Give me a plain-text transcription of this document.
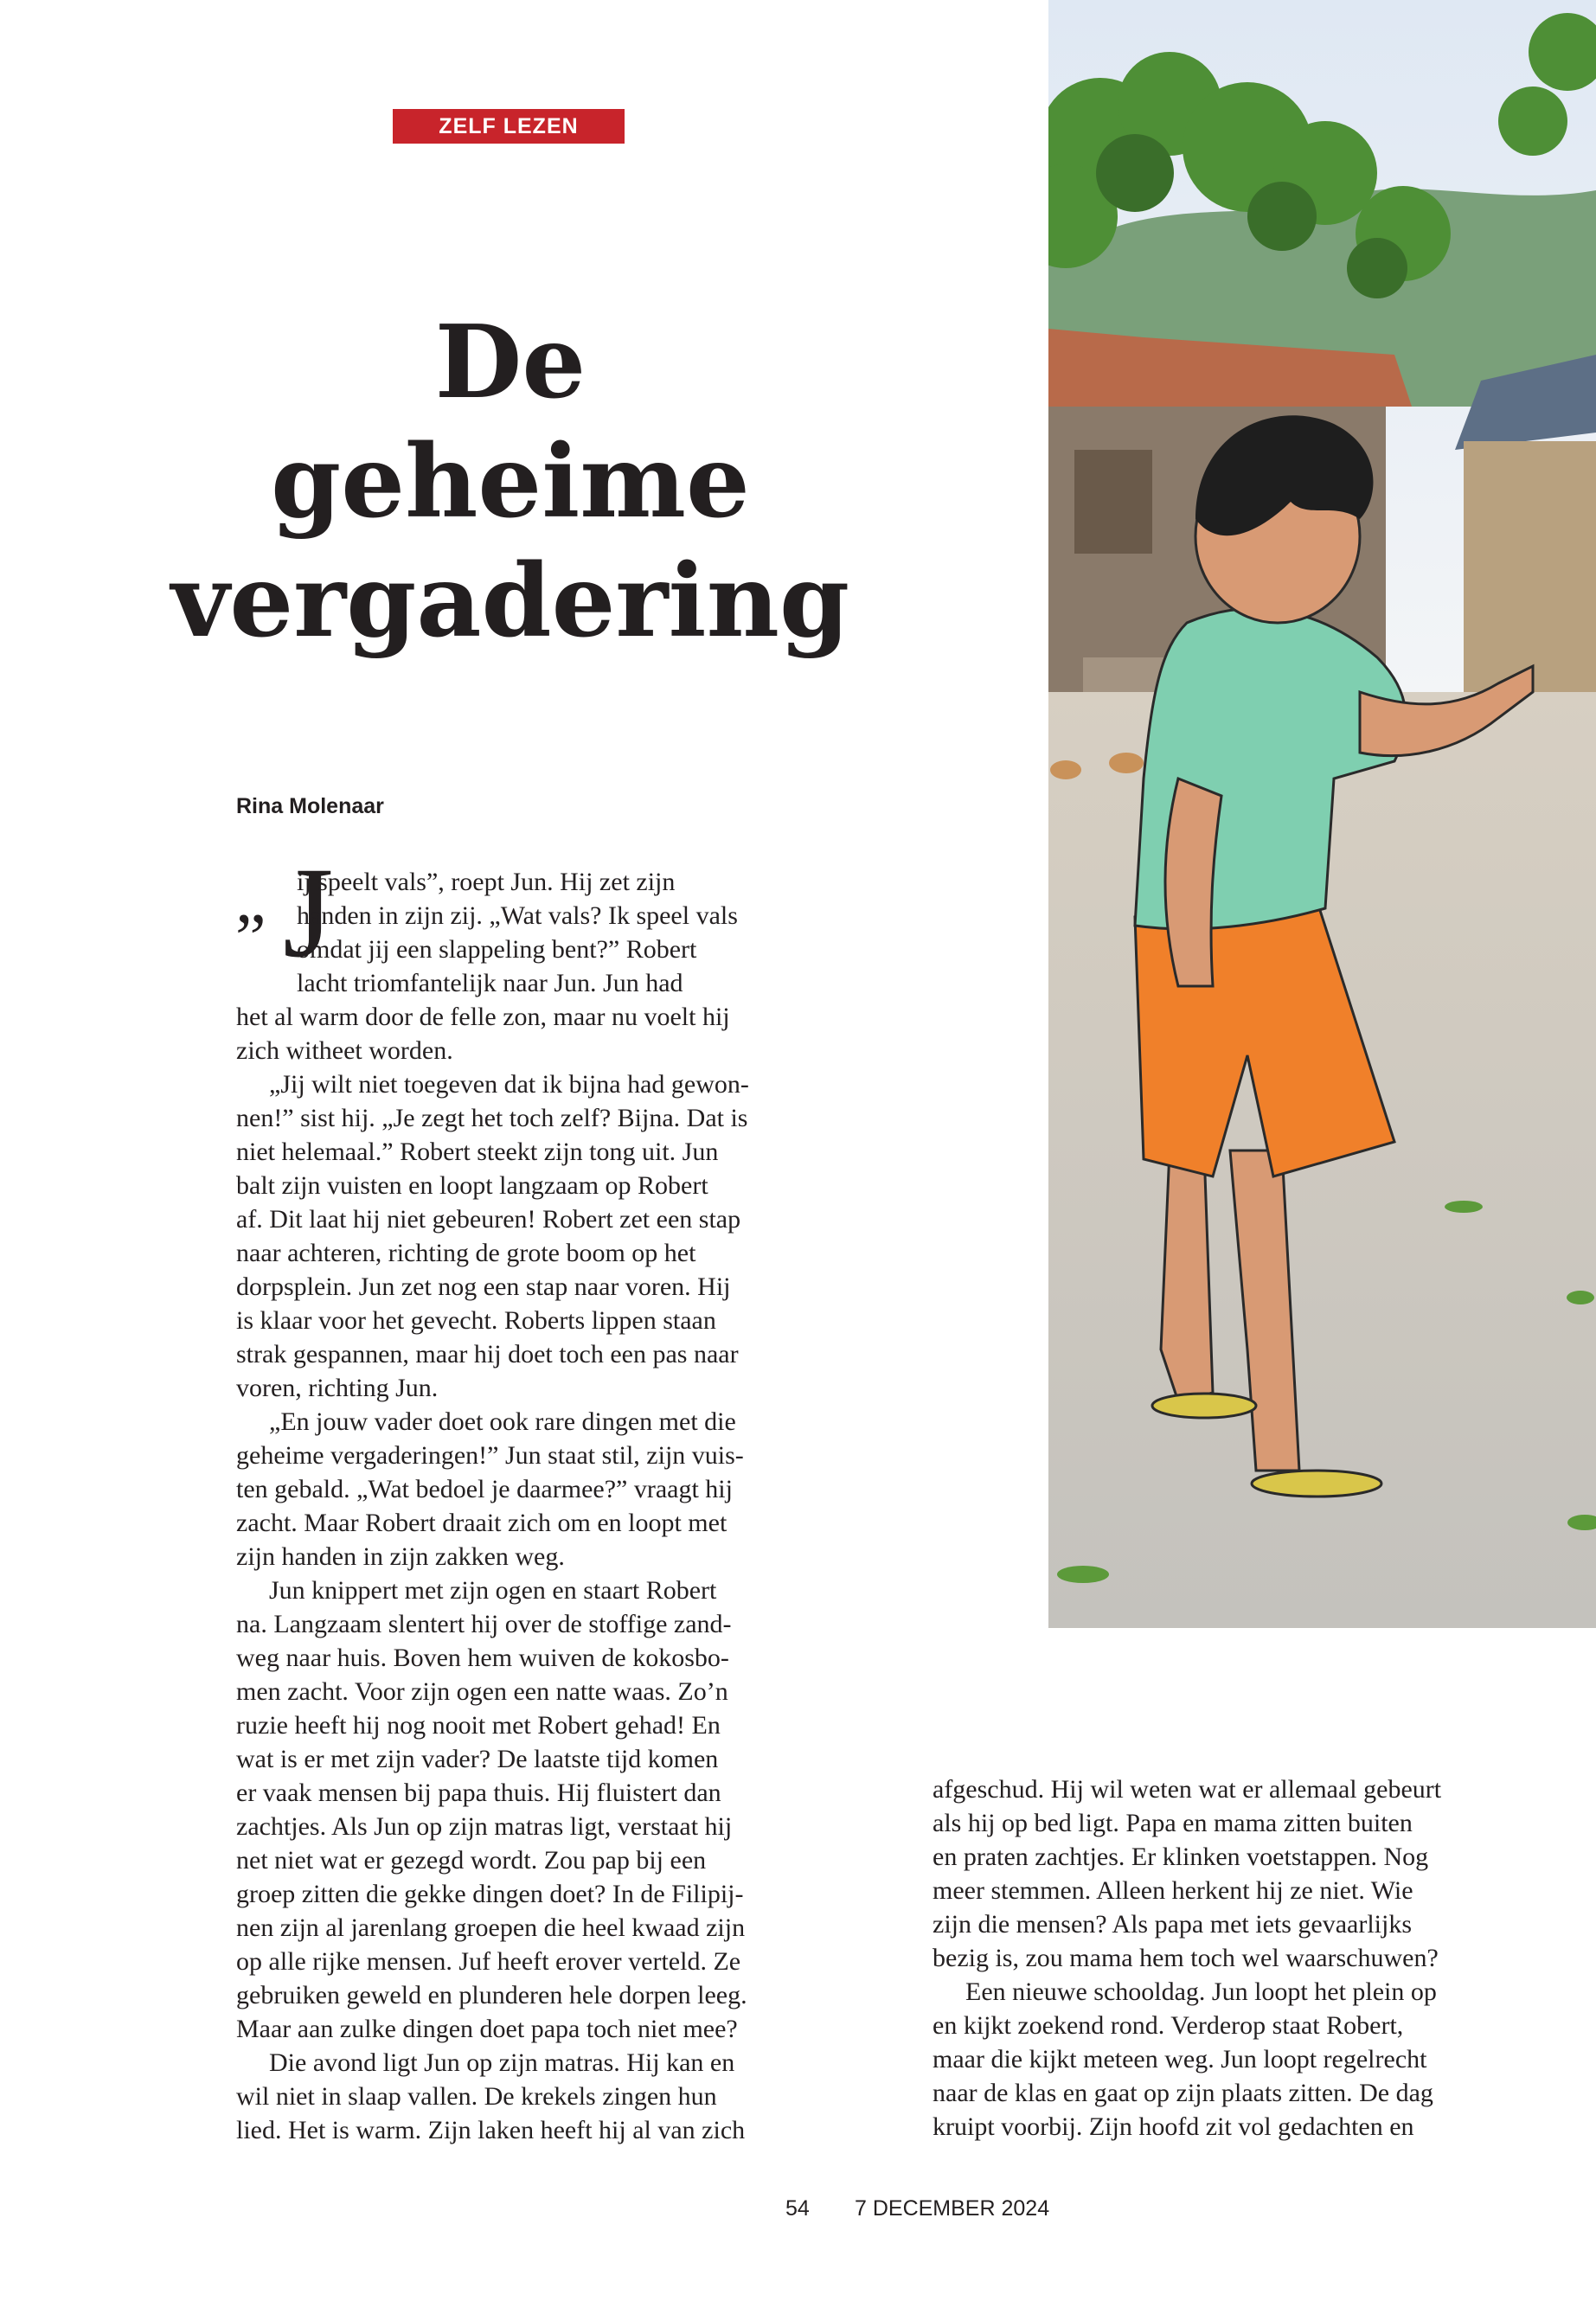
ZELF LEZEN
De
geheime
vergadering
Rina Molenaar
„ J
ij speelt vals”, roept Jun. Hij zet zijn
handen in zijn zij. „Wat vals? Ik speel vals
omdat jij een slappeling bent?” Robert
lacht triomfantelijk naar Jun. Jun had
het al warm door de felle zon, maar nu voelt hij
zich witheet worden.
„Jij wilt niet toegeven dat ik bijna had gewon-
nen!” sist hij. „Je zegt het toch zelf? Bijna. Dat is
niet helemaal.” Robert steekt zijn tong uit. Jun
balt zijn vuisten en loopt langzaam op Robert
af. Dit laat hij niet gebeuren! Robert zet een stap
naar achteren, richting de grote boom op het
dorpsplein. Jun zet nog een stap naar voren. Hij
is klaar voor het gevecht. Roberts lippen staan
strak gespannen, maar hij doet toch een pas naar
voren, richting Jun.
„En jouw vader doet ook rare dingen met die
geheime vergaderingen!” Jun staat stil, zijn vuis-
ten gebald. „Wat bedoel je daarmee?” vraagt hij
zacht. Maar Robert draait zich om en loopt met
zijn handen in zijn zakken weg.
Jun knippert met zijn ogen en staart Robert
na. Langzaam slentert hij over de stoffige zand-
weg naar huis. Boven hem wuiven de kokosbo-
men zacht. Voor zijn ogen een natte waas. Zo’n
ruzie heeft hij nog nooit met Robert gehad! En
wat is er met zijn vader? De laatste tijd komen
er vaak mensen bij papa thuis. Hij fluistert dan
zachtjes. Als Jun op zijn matras ligt, verstaat hij
net niet wat er gezegd wordt. Zou pap bij een
groep zitten die gekke dingen doet? In de Filipij-
nen zijn al jarenlang groepen die heel kwaad zijn
op alle rijke mensen. Juf heeft erover verteld. Ze
gebruiken geweld en plunderen hele dorpen leeg.
Maar aan zulke dingen doet papa toch niet mee?
Die avond ligt Jun op zijn matras. Hij kan en
wil niet in slaap vallen. De krekels zingen hun
lied. Het is warm. Zijn laken heeft hij al van zich
afgeschud. Hij wil weten wat er allemaal gebeurt
als hij op bed ligt. Papa en mama zitten buiten
en praten zachtjes. Er klinken voetstappen. Nog
meer stemmen. Alleen herkent hij ze niet. Wie
zijn die mensen? Als papa met iets gevaarlijks
bezig is, zou mama hem toch wel waarschuwen?
Een nieuwe schooldag. Jun loopt het plein op
en kijkt zoekend rond. Verderop staat Robert,
maar die kijkt meteen weg. Jun loopt regelrecht
naar de klas en gaat op zijn plaats zitten. De dag
kruipt voorbij. Zijn hoofd zit vol gedachten en
54 7 DECEMBER 2024
